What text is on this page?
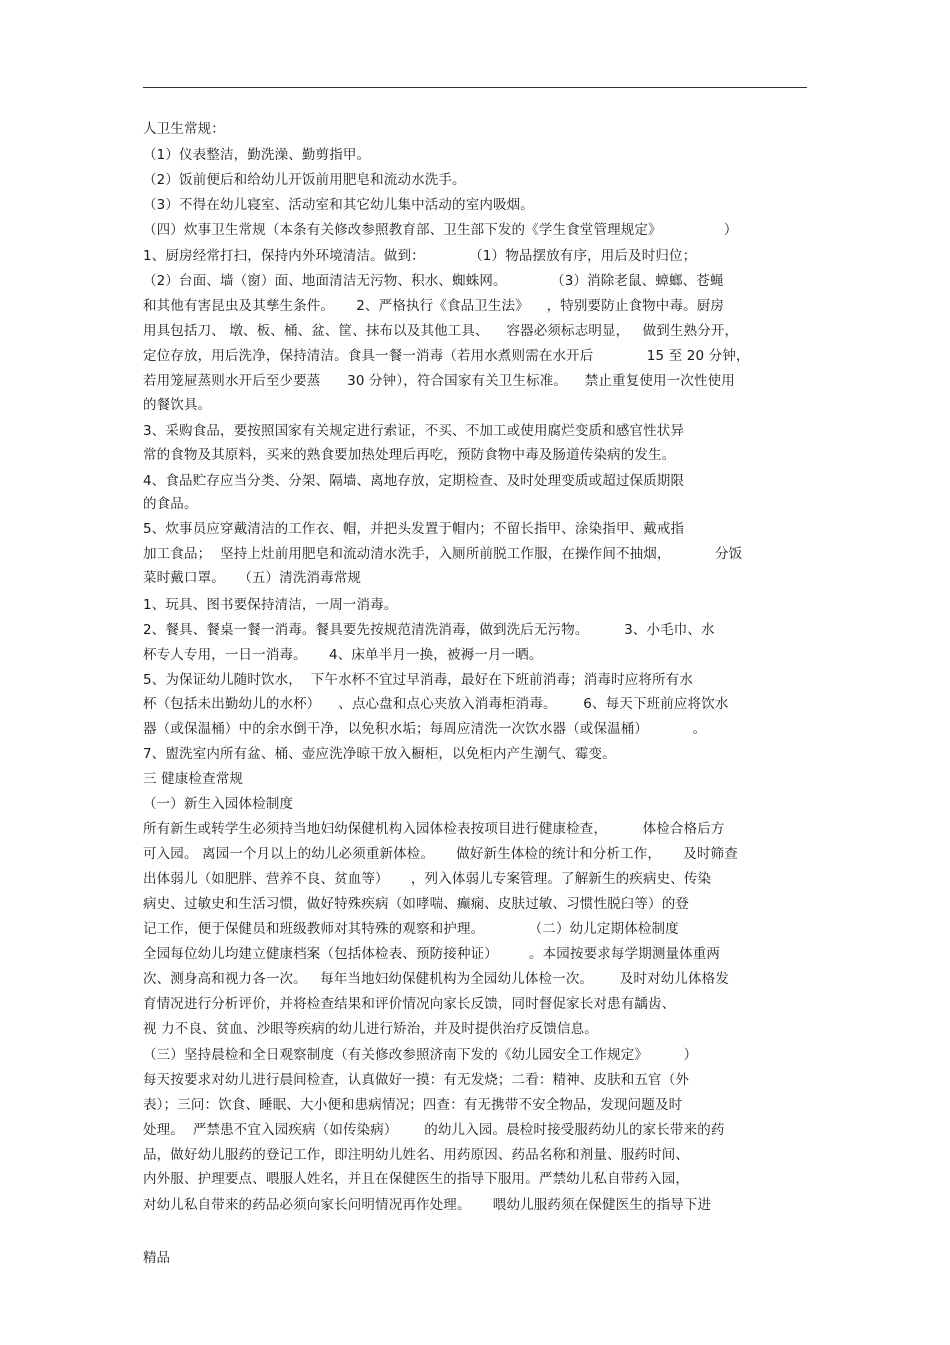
人卫生常规：
（1）仪表整洁，勤洗澡、勤剪指甲。
（2）饭前便后和给幼儿开饭前用肥皂和流动水洗手。
（3）不得在幼儿寝室、活动室和其它幼儿集中活动的室内吸烟。
（四）炊事卫生常规（本条有关修改参照教育部、卫生部下发的《学生食堂管理规定》              ）
1、厨房经常打扫，保持内外环境清洁。做到：          （1）物品摆放有序，用后及时归位；
（2）台面、墙（窗）面、地面清洁无污物、积水、蜘蛛网。          （3）消除老鼠、蟑螂、苍蝇
和其他有害昆虫及其孳生条件。     2、严格执行《食品卫生法》    ，特别要防止食物中毒。厨房
用具包括刀、 墩、板、桶、盆、筐、抹布以及其他工具、    容器必须标志明显，   做到生熟分开，
定位存放，用后洗净，保持清洁。食具一餐一消毒（若用水煮则需在水开后            15 至 20 分钟，
若用笼屉蒸则水开后至少要蒸      30 分钟），符合国家有关卫生标准。    禁止重复使用一次性使用
的餐饮具。
3、采购食品，要按照国家有关规定进行索证，不买、不加工或使用腐烂变质和感官性状异
常的食物及其原料，买来的熟食要加热处理后再吃，预防食物中毒及肠道传染病的发生。
4、食品贮存应当分类、分架、隔墙、离地存放，定期检查、及时处理变质或超过保质期限
的食品。
5、炊事员应穿戴清洁的工作衣、帽，并把头发置于帽内；不留长指甲、涂染指甲、戴戒指
加工食品；  坚持上灶前用肥皂和流动清水洗手，入厕所前脱工作服，在操作间不抽烟，          分饭
菜时戴口罩。   （五）清洗消毒常规
1、玩具、图书要保持清洁，一周一消毒。
2、餐具、餐桌一餐一消毒。餐具要先按规范清洗消毒，做到洗后无污物。        3、小毛巾、水
杯专人专用，一日一消毒。     4、床单半月一换，被褥一月一晒。
5、为保证幼儿随时饮水，  下午水杯不宜过早消毒，最好在下班前消毒；消毒时应将所有水
杯（包括未出勤幼儿的水杯）    、点心盘和点心夹放入消毒柜消毒。      6、每天下班前应将饮水
器（或保温桶）中的余水倒干净，以免积水垢；每周应清洗一次饮水器（或保温桶）          。
7、盥洗室内所有盆、桶、壶应洗净晾干放入橱柜，以免柜内产生潮气、霉变。
三 健康检查常规
（一）新生入园体检制度
所有新生或转学生必须持当地妇幼保健机构入园体检表按项目进行健康检查，        体检合格后方
可入园。 离园一个月以上的幼儿必须重新体检。     做好新生体检的统计和分析工作，     及时筛查
出体弱儿（如肥胖、营养不良、贫血等）     ，列入体弱儿专案管理。了解新生的疾病史、传染
病史、过敏史和生活习惯，做好特殊疾病（如哮喘、癫痫、皮肤过敏、习惯性脱臼等）的登
记工作，便于保健员和班级教师对其特殊的观察和护理。          （二）幼儿定期体检制度
全园每位幼儿均建立健康档案（包括体检表、预防接种证）       。本园按要求每学期测量体重两
次、测身高和视力各一次。   每年当地妇幼保健机构为全园幼儿体检一次。      及时对幼儿体格发
育情况进行分析评价，并将检查结果和评价情况向家长反馈，同时督促家长对患有龋齿、
视 力不良、贫血、沙眼等疾病的幼儿进行矫治，并及时提供治疗反馈信息。
（三）坚持晨检和全日观察制度（有关修改参照济南下发的《幼儿园安全工作规定》        ）
每天按要求对幼儿进行晨间检查，认真做好一摸：有无发烧；二看：精神、皮肤和五官（外
表）；三问：饮食、睡眠、大小便和患病情况；四查：有无携带不安全物品，发现问题及时
处理。  严禁患不宜入园疾病（如传染病）      的幼儿入园。晨检时接受服药幼儿的家长带来的药
品，做好幼儿服药的登记工作，即注明幼儿姓名、用药原因、药品名称和剂量、服药时间、
内外服、护理要点、喂服人姓名，并且在保健医生的指导下服用。严禁幼儿私自带药入园，
对幼儿私自带来的药品必须向家长问明情况再作处理。     喂幼儿服药须在保健医生的指导下进
精品
